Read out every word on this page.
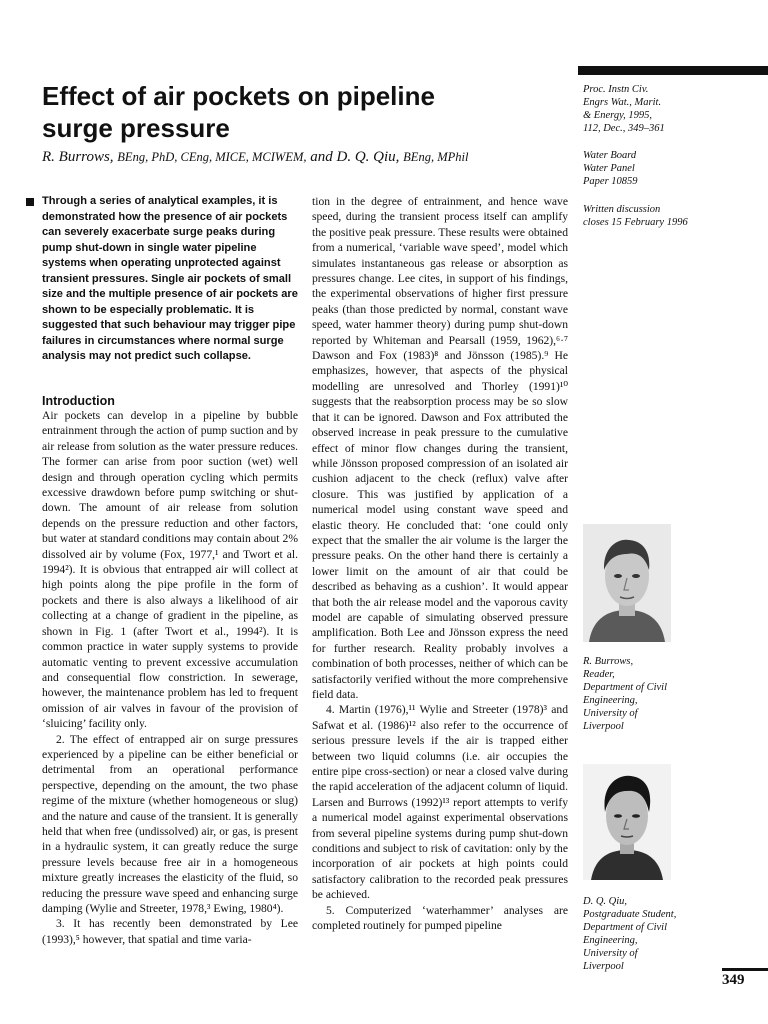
Effect of air pockets on pipeline
surge pressure
R. Burrows, BEng, PhD, CEng, MICE, MCIWEM, and D. Q. Qiu, BEng, MPhil
Proc. Instn Civ.
Engrs Wat., Marit.
& Energy, 1995,
112, Dec., 349–361
Water Board
Water Panel
Paper 10859
Written discussion
closes 15 February 1996
Through a series of analytical examples, it is demonstrated how the presence of air pockets can severely exacerbate surge peaks during pump shut-down in single water pipeline systems when operating unprotected against transient pressures. Single air pockets of small size and the multiple presence of air pockets are shown to be especially problematic. It is suggested that such behaviour may trigger pipe failures in circumstances where normal surge analysis may not predict such collapse.
Introduction

Air pockets can develop in a pipeline by bubble entrainment through the action of pump suction and by air release from solution as the water pressure reduces. The former can arise from poor suction (wet) well design and through operation cycling which permits excessive drawdown before pump switching or shut-down. The amount of air release from solution depends on the pressure reduction and other factors, but water at standard conditions may contain about 2% dissolved air by volume (Fox, 1977,¹ and Twort et al. 1994²). It is obvious that entrapped air will collect at high points along the pipe profile in the form of pockets and there is also always a likelihood of air collecting at a change of gradient in the pipeline, as shown in Fig. 1 (after Twort et al., 1994²). It is common practice in water supply systems to provide automatic venting to prevent excessive accumulation and consequential flow constriction. In sewerage, however, the maintenance problem has led to frequent omission of air valves in favour of the provision of ‘sluicing’ facility only.

2. The effect of entrapped air on surge pressures experienced by a pipeline can be either beneficial or detrimental from an operational performance perspective, depending on the amount, the two phase regime of the mixture (whether homogeneous or slug) and the nature and cause of the transient. It is generally held that when free (undissolved) air, or gas, is present in a hydraulic system, it can greatly reduce the surge pressure levels because free air in a homogeneous mixture greatly increases the elasticity of the fluid, so reducing the pressure wave speed and enhancing surge damping (Wylie and Streeter, 1978,³ Ewing, 1980⁴).

3. It has recently been demonstrated by Lee (1993),⁵ however, that spatial and time varia-

tion in the degree of entrainment, and hence wave speed, during the transient process itself can amplify the positive peak pressure. These results were obtained from a numerical, ‘variable wave speed’, model which simulates instantaneous gas release or absorption as pressures change. Lee cites, in support of his findings, the experimental observations of higher first pressure peaks (than those predicted by normal, constant wave speed, water hammer theory) during pump shut-down reported by Whiteman and Pearsall (1959, 1962),⁶·⁷ Dawson and Fox (1983)⁸ and Jönsson (1985).⁹ He emphasizes, however, that aspects of the physical modelling are unresolved and Thorley (1991)¹⁰ suggests that the reabsorption process may be so slow that it can be ignored. Dawson and Fox attributed the observed increase in peak pressure to the cumulative effect of minor flow changes during the transient, while Jönsson proposed compression of an isolated air cushion adjacent to the check (reflux) valve after closure. This was justified by application of a numerical model using constant wave speed and elastic theory. He concluded that: ‘one could only expect that the smaller the air volume is the larger the pressure peaks. On the other hand there is certainly a lower limit on the amount of air that could be described as behaving as a cushion’. It would appear that both the air release model and the vaporous cavity model are capable of simulating observed pressure amplification. Both Lee and Jönsson express the need for further research. Reality probably involves a combination of both processes, neither of which can be satisfactorily verified without the more comprehensive field data.

4. Martin (1976),¹¹ Wylie and Streeter (1978)³ and Safwat et al. (1986)¹² also refer to the occurrence of serious pressure levels if the air is trapped either between two liquid columns (i.e. air occupies the entire pipe cross-section) or near a closed valve during the rapid acceleration of the adjacent column of liquid. Larsen and Burrows (1992)¹³ report attempts to verify a numerical model against experimental observations from several pipeline systems during pump shut-down conditions and subject to risk of cavitation: only by the incorporation of air pockets at high points could satisfactory calibration to the recorded peak pressures be achieved.

5. Computerized ‘waterhammer’ analyses are completed routinely for pumped pipeline

R. Burrows,
Reader,
Department of Civil
Engineering,
University of
Liverpool
D. Q. Qiu,
Postgraduate Student,
Department of Civil
Engineering,
University of
Liverpool
349
